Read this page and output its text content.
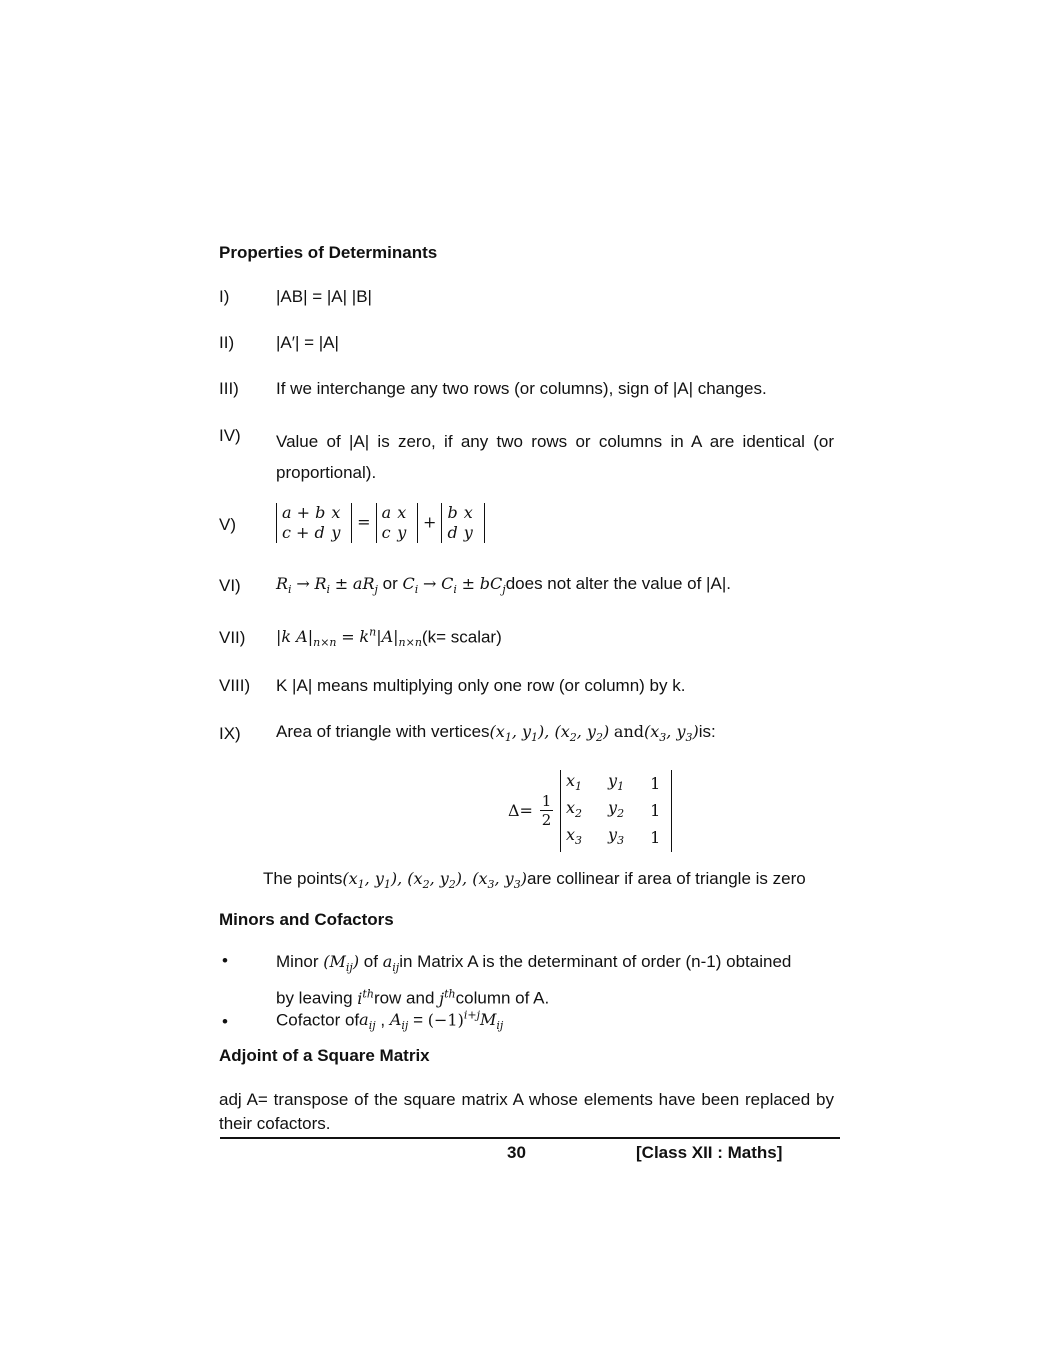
Properties of Determinants
I)	|AB| = |A| |B|
II) |A′| = |A|
III) If we interchange any two rows (or columns), sign of |A| changes.
IV) Value of |A| is zero, if any two rows or columns in A are identical (or proportional).
V)
a + b	x
c + d	y
= a	x
c	y
+ b	x
d	y
VI) $R_i \to R_i \pm aR_j$ or $C_i \to C_i$ ± $bC_jdoes$ not alter the value of |A|.
VII) |k $A|_{n\times n} = k^n|A|_{n\times n}(k=$ scalar)
VIII) K |A| means multiplying only one row (or column) by k.
IX) Area of triangle with $vertices(x_1$, $y_1$), ($x_2$, $y_2$) $and(x_3$, $y_3)is$:
$\Delta= \frac{1}{2}$

$x_1$	$y_1$	1
$x_2$	$y_2$	1
$x_3$	$y_3$	1
The $points(x_1$, $y_1$), ($x_2$, $y_2$), ($x_3$, $y_3)are$ collinear if area of triangle is zero
Minors and Cofactors
•	Minor $(M_{ij})$ of $a_{ij}in$ Matrix A is the determinant of order (n-1) obtained
by leaving $i^{th}row$ and $j^{th}column$ of A.
•	Cofactor ofa$_{ij}$ , $A_{ij} = (-1)^{i+j}M_{ij}$
Adjoint of a Square Matrix
adj A= transpose of the square matrix A whose elements have been replaced by their cofactors.
30	[Class XII : Maths]
